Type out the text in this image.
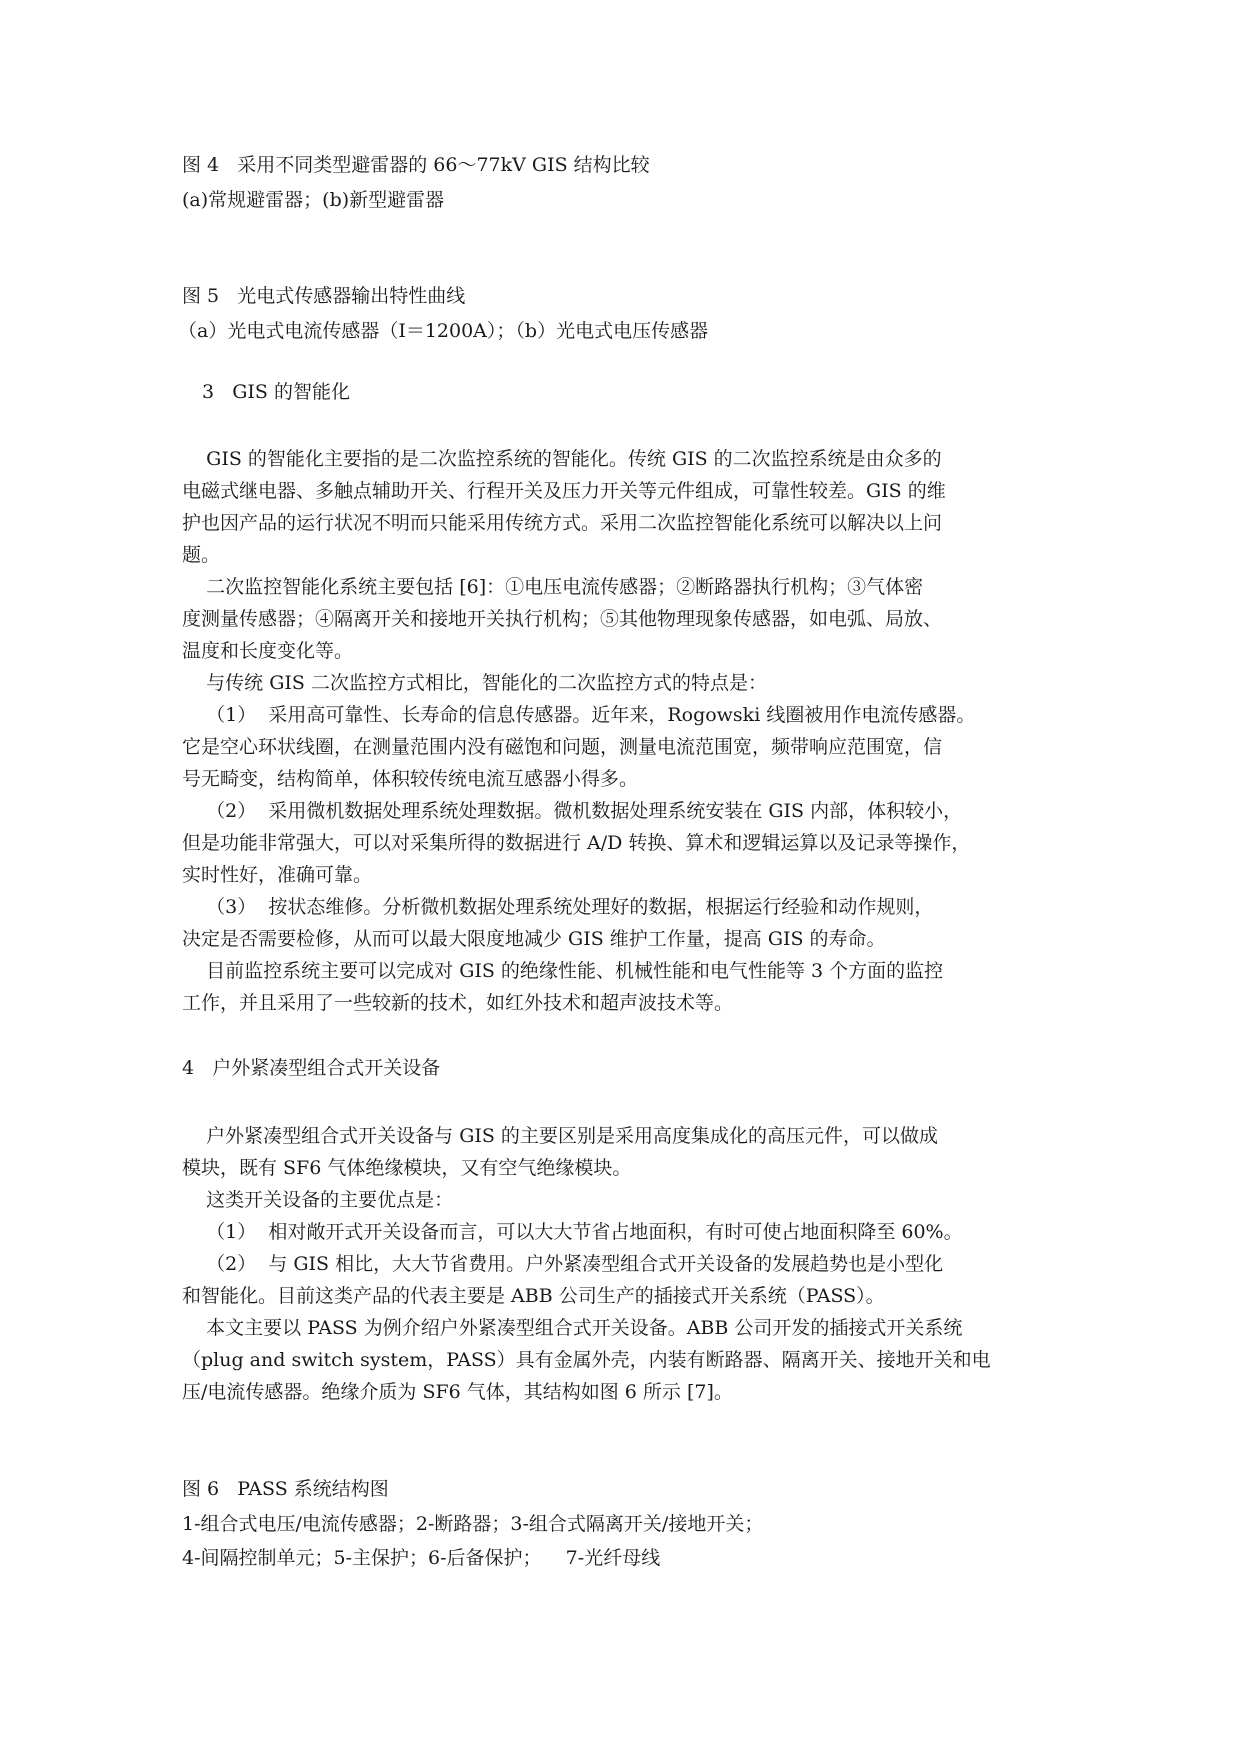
图 4   采用不同类型避雷器的 66～77kV GIS 结构比较
(a)常规避雷器；(b)新型避雷器
图 5   光电式传感器输出特性曲线
（a）光电式电流传感器（I＝1200A）；（b）光电式电压传感器
3   GIS 的智能化
GIS 的智能化主要指的是二次监控系统的智能化。传统 GIS 的二次监控系统是由众多的
电磁式继电器、多触点辅助开关、行程开关及压力开关等元件组成，可靠性较差。GIS 的维
护也因产品的运行状况不明而只能采用传统方式。采用二次监控智能化系统可以解决以上问
题。
二次监控智能化系统主要包括 [6]：①电压电流传感器；②断路器执行机构；③气体密
度测量传感器；④隔离开关和接地开关执行机构；⑤其他物理现象传感器，如电弧、局放、
温度和长度变化等。
与传统 GIS 二次监控方式相比，智能化的二次监控方式的特点是：
（1）  采用高可靠性、长寿命的信息传感器。近年来，Rogowski 线圈被用作电流传感器。
它是空心环状线圈，在测量范围内没有磁饱和问题，测量电流范围宽，频带响应范围宽，信
号无畸变，结构简单，体积较传统电流互感器小得多。
（2）  采用微机数据处理系统处理数据。微机数据处理系统安装在 GIS 内部，体积较小，
但是功能非常强大，可以对采集所得的数据进行 A/D 转换、算术和逻辑运算以及记录等操作，
实时性好，准确可靠。
（3）  按状态维修。分析微机数据处理系统处理好的数据，根据运行经验和动作规则，
决定是否需要检修，从而可以最大限度地减少 GIS 维护工作量，提高 GIS 的寿命。
目前监控系统主要可以完成对 GIS 的绝缘性能、机械性能和电气性能等 3 个方面的监控
工作，并且采用了一些较新的技术，如红外技术和超声波技术等。
4   户外紧凑型组合式开关设备
户外紧凑型组合式开关设备与 GIS 的主要区别是采用高度集成化的高压元件，可以做成
模块，既有 SF6 气体绝缘模块，又有空气绝缘模块。
这类开关设备的主要优点是：
（1）  相对敞开式开关设备而言，可以大大节省占地面积，有时可使占地面积降至 60%。
（2）  与 GIS 相比，大大节省费用。户外紧凑型组合式开关设备的发展趋势也是小型化
和智能化。目前这类产品的代表主要是 ABB 公司生产的插接式开关系统（PASS）。
本文主要以 PASS 为例介绍户外紧凑型组合式开关设备。ABB 公司开发的插接式开关系统
（plug and switch system，PASS）具有金属外壳，内装有断路器、隔离开关、接地开关和电
压/电流传感器。绝缘介质为 SF6 气体，其结构如图 6 所示 [7]。
图 6   PASS 系统结构图
1-组合式电压/电流传感器；2-断路器；3-组合式隔离开关/接地开关；
4-间隔控制单元；5-主保护；6-后备保护；    7-光纤母线
